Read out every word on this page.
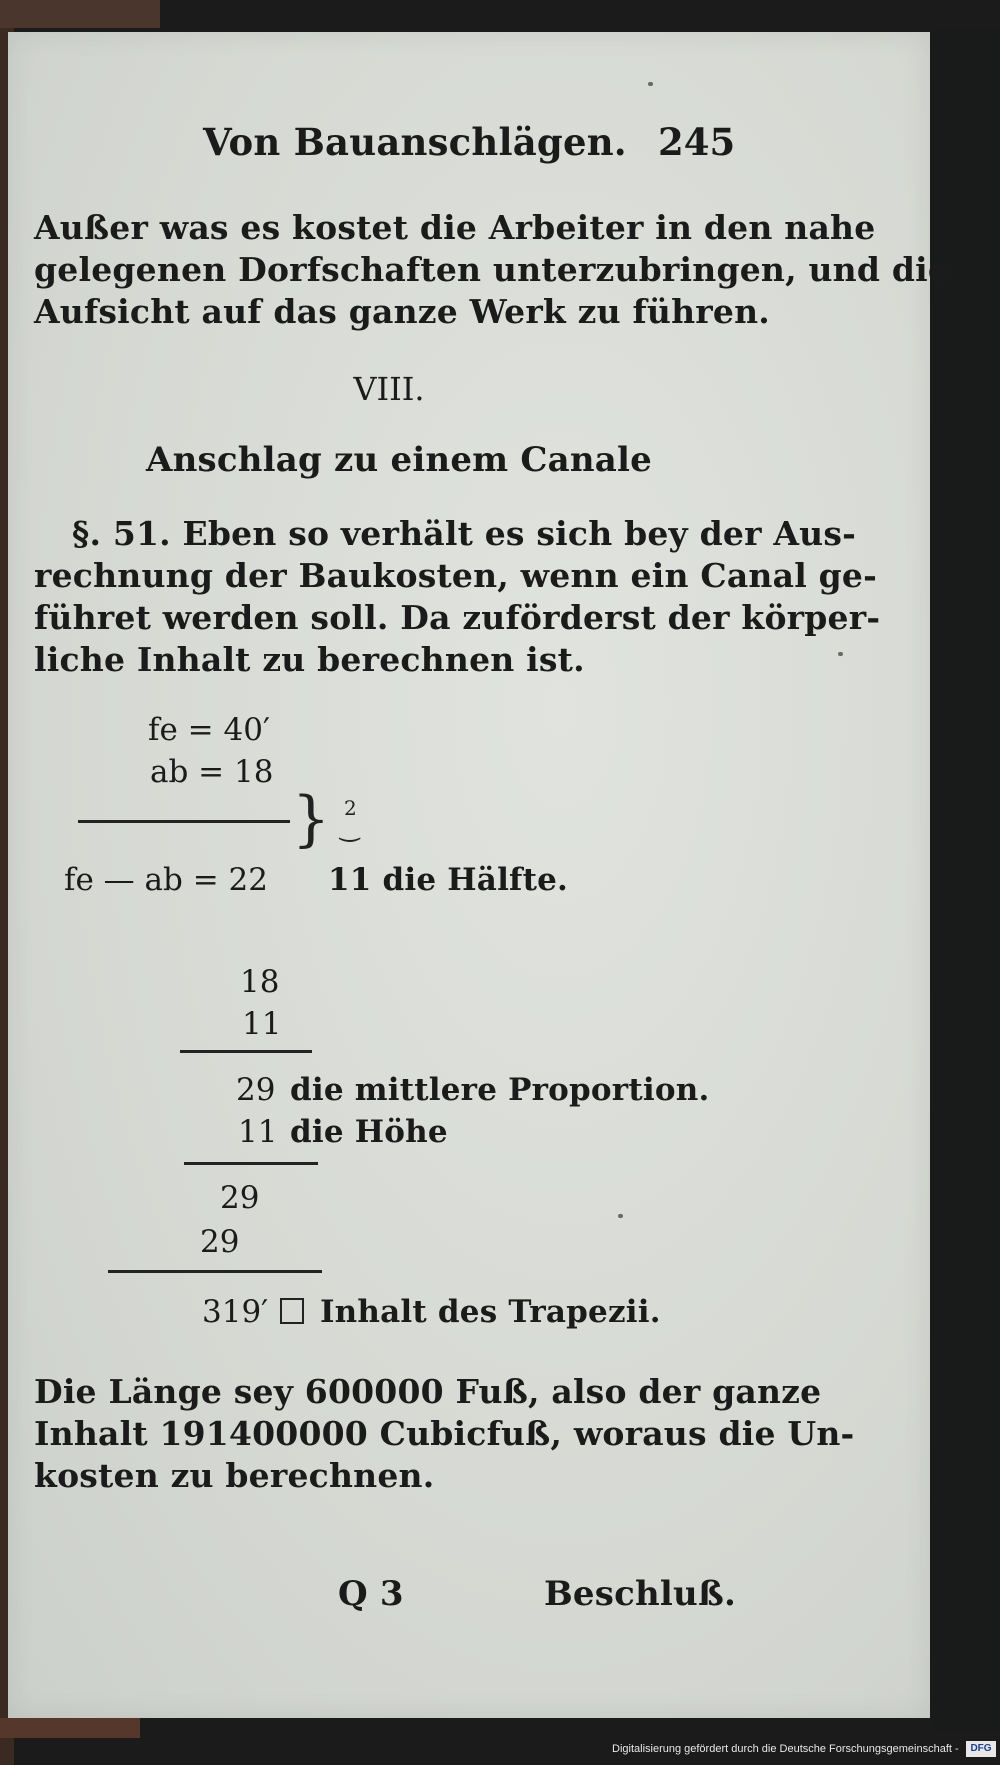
Von Bauanschlägen. 245
Außer was es kostet die Arbeiter in den nahe
gelegenen Dorfschaften unterzubringen, und die
Aufsicht auf das ganze Werk zu führen.
VIII.
Anschlag zu einem Canale
§. 51. Eben so verhält es sich bey der Aus-
rechnung der Baukosten, wenn ein Canal ge-
führet werden soll. Da zuförderst der körper-
liche Inhalt zu berechnen ist.
fe = 40′
ab = 18
} 2
‿
fe — ab = 22 11 die Hälfte.
18
11
29 die mittlere Proportion.
11 die Höhe
29
29
319′ Inhalt des Trapezii.
Die Länge sey 600000 Fuß, also der ganze
Inhalt 191400000 Cubicfuß, woraus die Un-
kosten zu berechnen.
Q 3	Beschluß.
Digitalisierung gefördert durch die Deutsche Forschungsgemeinschaft -	DFG
